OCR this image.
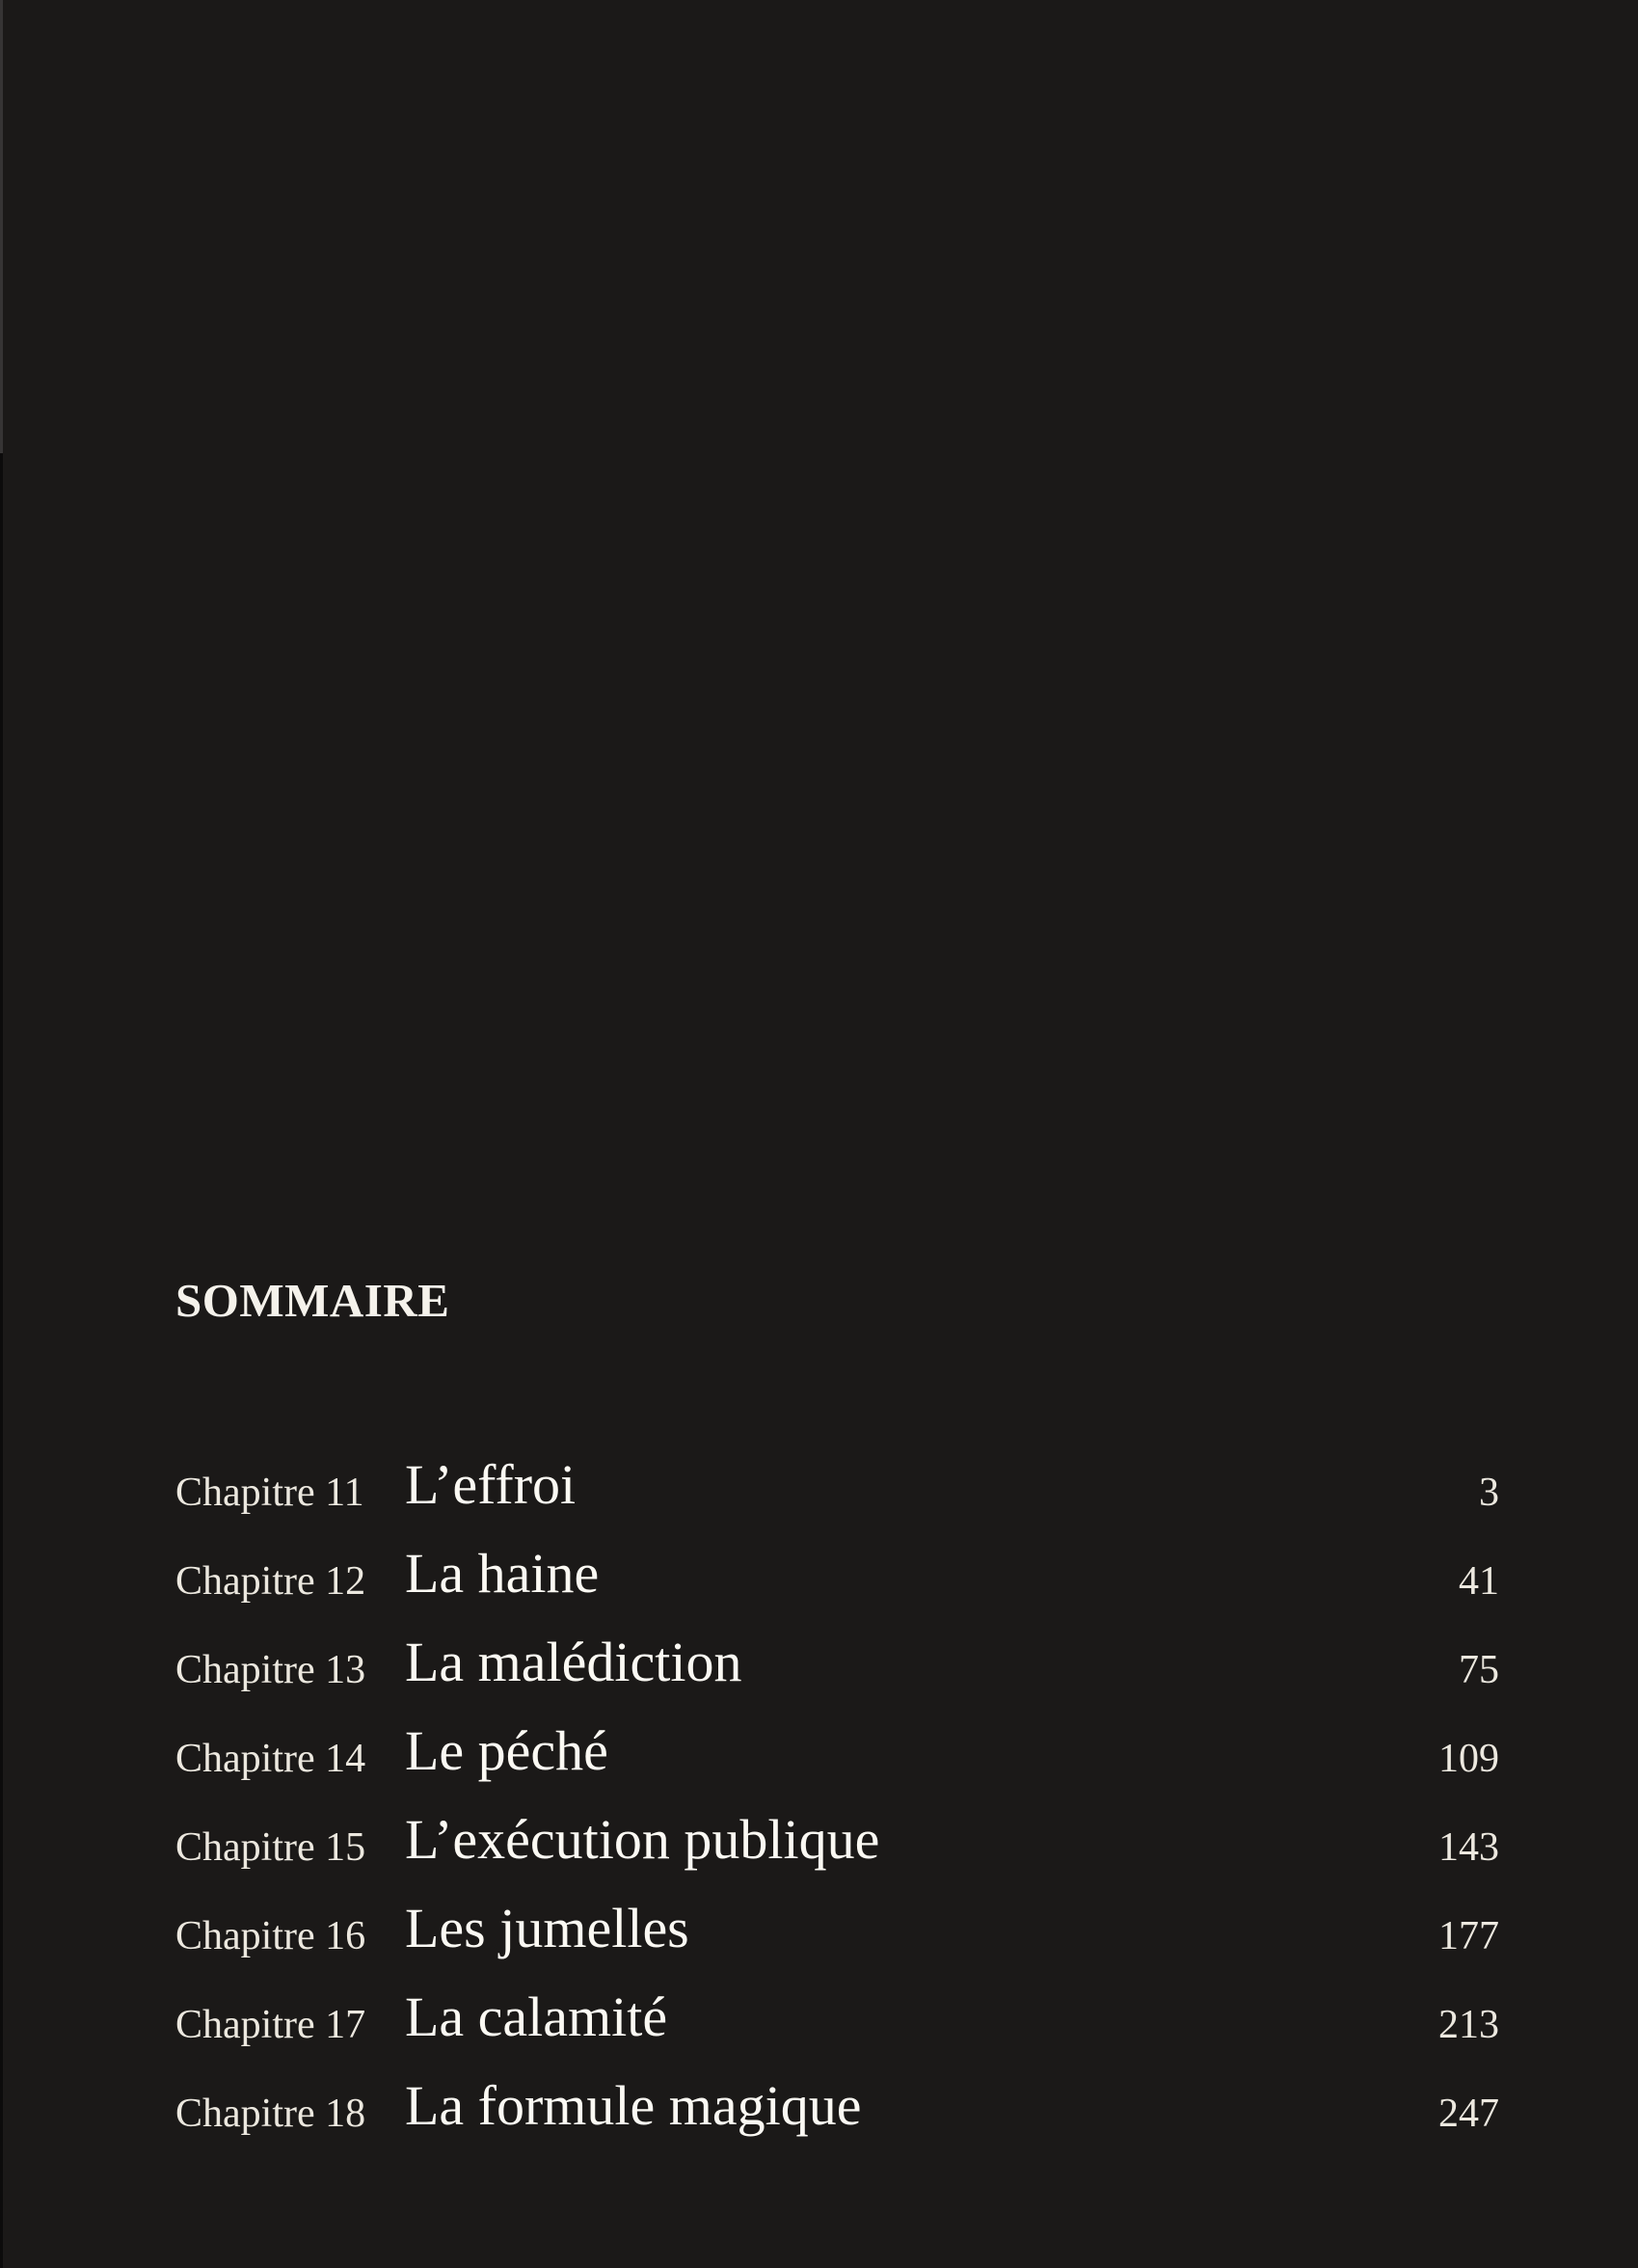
SOMMAIRE
Chapitre 11 L’effroi	3
Chapitre 12 La haine	41
Chapitre 13 La malédiction	75
Chapitre 14 Le péché	109
Chapitre 15 L’exécution publique	143
Chapitre 16 Les jumelles	177
Chapitre 17 La calamité	213
Chapitre 18 La formule magique	247
